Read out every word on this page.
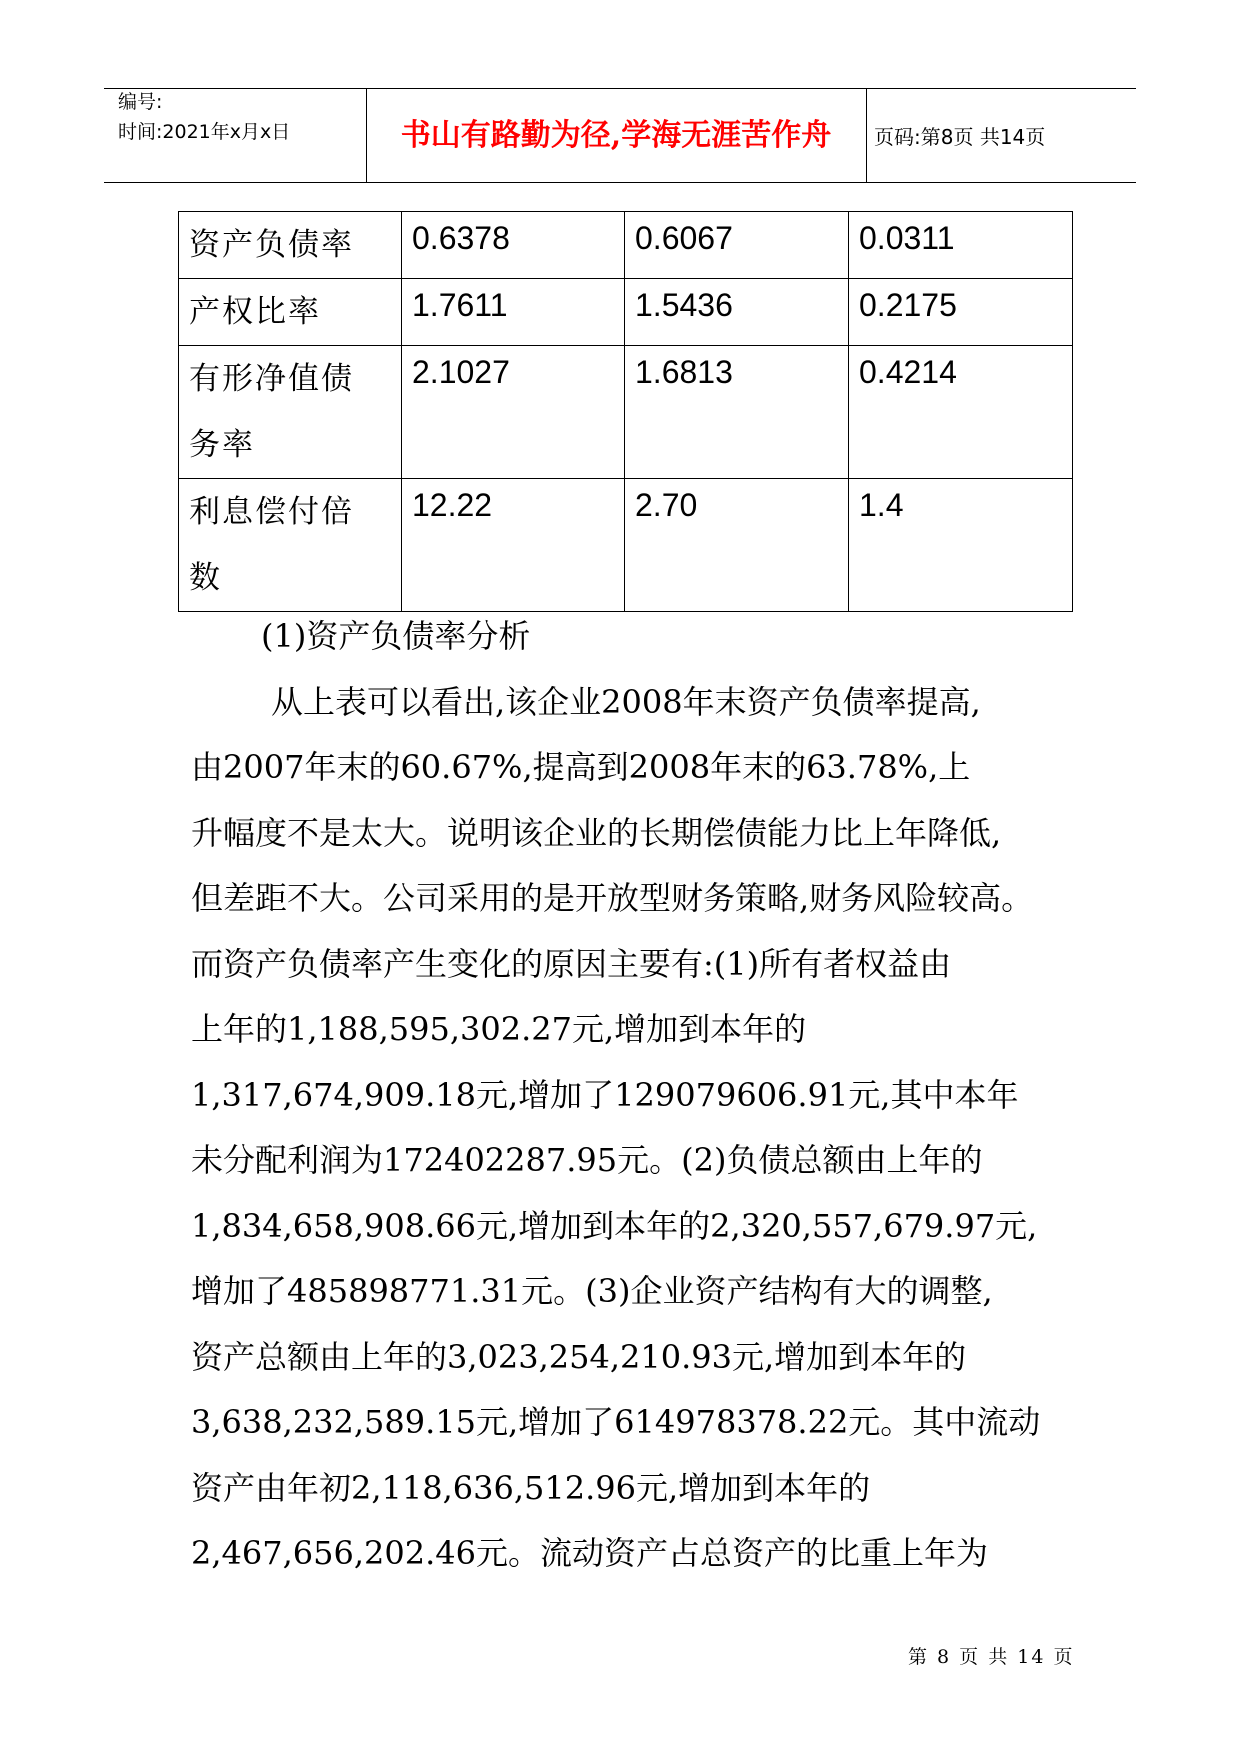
编号:
时间:2021年x月x日	书山有路勤为径,学海无涯苦作舟	页码:第8页 共14页
资产负债率	0.6378	0.6067	0.0311

产权比率	1.7611	1.5436	0.2175

有形净值债务率	2.1027	1.6813	0.4214

利息偿付倍数	12.22	2.70	1.4

(1)资产负债率分析

从上表可以看出,该企业2008年末资产负债率提高,
由2007年末的60.67%,提高到2008年末的63.78%,上
升幅度不是太大。说明该企业的长期偿债能力比上年降低,
但差距不大。公司采用的是开放型财务策略,财务风险较高。
而资产负债率产生变化的原因主要有:(1)所有者权益由
上年的1,188,595,302.27元,增加到本年的
1,317,674,909.18元,增加了129079606.91元,其中本年
未分配利润为172402287.95元。(2)负债总额由上年的
1,834,658,908.66元,增加到本年的2,320,557,679.97元,
增加了485898771.31元。(3)企业资产结构有大的调整,
资产总额由上年的3,023,254,210.93元,增加到本年的
3,638,232,589.15元,增加了614978378.22元。其中流动
资产由年初2,118,636,512.96元,增加到本年的
2,467,656,202.46元。流动资产占总资产的比重上年为
第 8 页 共 14 页
